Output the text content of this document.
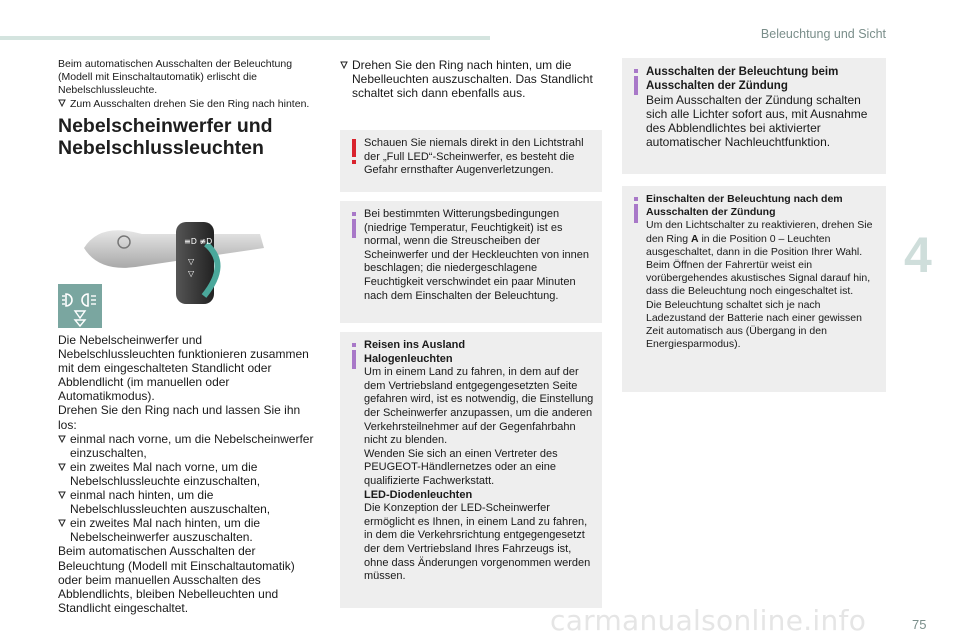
Beleuchtung und Sicht
Beim automatischen Ausschalten der Beleuchtung (Modell mit Einschaltautomatik) erlischt die Nebelschlussleuchte.
Zum Ausschalten drehen Sie den Ring nach hinten.
Nebelscheinwerfer und
Nebelschlussleuchten
≡D ≢D
▽
▽
Die Nebelscheinwerfer und Nebelschlussleuchten funktionieren zusammen mit dem eingeschalteten Standlicht oder Abblendlicht (im manuellen oder Automatikmodus).
Drehen Sie den Ring nach und lassen Sie ihn los:
einmal nach vorne, um die Nebelscheinwerfer einzuschalten,
ein zweites Mal nach vorne, um die Nebelschlussleuchte einzuschalten,
einmal nach hinten, um die Nebelschlussleuchten auszuschalten,
ein zweites Mal nach hinten, um die Nebelscheinwerfer auszuschalten.
Beim automatischen Ausschalten der Beleuchtung (Modell mit Einschaltautomatik) oder beim manuellen Ausschalten des Abblendlichts, bleiben Nebelleuchten und Standlicht eingeschaltet.
Drehen Sie den Ring nach hinten, um die Nebelleuchten auszuschalten. Das Standlicht schaltet sich dann ebenfalls aus.
Schauen Sie niemals direkt in den Lichtstrahl der „Full LED“-Scheinwerfer, es besteht die Gefahr ernsthafter Augenverletzungen.
Bei bestimmten Witterungsbedingungen (niedrige Temperatur, Feuchtigkeit) ist es normal, wenn die Streuscheiben der Scheinwerfer und der Heckleuchten von innen beschlagen; die niedergeschlagene Feuchtigkeit verschwindet ein paar Minuten nach dem Einschalten der Beleuchtung.
Reisen ins Ausland
Halogenleuchten
Um in einem Land zu fahren, in dem auf der dem Vertriebsland entgegengesetzten Seite gefahren wird, ist es notwendig, die Einstellung der Scheinwerfer anzupassen, um die anderen Verkehrsteilnehmer auf der Gegenfahrbahn nicht zu blenden.
Wenden Sie sich an einen Vertreter des PEUGEOT-Händlernetzes oder an eine qualifizierte Fachwerkstatt.
LED-Diodenleuchten
Die Konzeption der LED-Scheinwerfer ermöglicht es Ihnen, in einem Land zu fahren, in dem die Verkehrsrichtung entgegengesetzt der dem Vertriebsland Ihres Fahrzeugs ist, ohne dass Änderungen vorgenommen werden müssen.
Ausschalten der Beleuchtung beim Ausschalten der Zündung
Beim Ausschalten der Zündung schalten sich alle Lichter sofort aus, mit Ausnahme des Abblendlichtes bei aktivierter automatischer Nachleuchtfunktion.
Einschalten der Beleuchtung nach dem Ausschalten der Zündung
Um den Lichtschalter zu reaktivieren, drehen Sie den Ring A in die Position 0 – Leuchten ausgeschaltet, dann in die Position Ihrer Wahl.
Beim Öffnen der Fahrertür weist ein vorübergehendes akustisches Signal darauf hin, dass die Beleuchtung noch eingeschaltet ist.
Die Beleuchtung schaltet sich je nach Ladezustand der Batterie nach einer gewissen Zeit automatisch aus (Übergang in den Energiesparmodus).
4
carmanualsonline.info	75
